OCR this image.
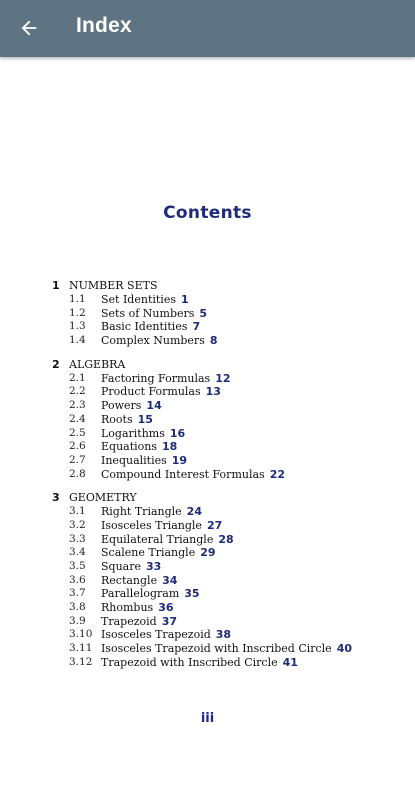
Index
Contents
1 NUMBER SETS
1.1 Set Identities 1
1.2 Sets of Numbers 5
1.3 Basic Identities 7
1.4 Complex Numbers 8
2 ALGEBRA
2.1 Factoring Formulas 12
2.2 Product Formulas 13
2.3 Powers 14
2.4 Roots 15
2.5 Logarithms 16
2.6 Equations 18
2.7 Inequalities 19
2.8 Compound Interest Formulas 22
3 GEOMETRY
3.1 Right Triangle 24
3.2 Isosceles Triangle 27
3.3 Equilateral Triangle 28
3.4 Scalene Triangle 29
3.5 Square 33
3.6 Rectangle 34
3.7 Parallelogram 35
3.8 Rhombus 36
3.9 Trapezoid 37
3.10 Isosceles Trapezoid 38
3.11 Isosceles Trapezoid with Inscribed Circle 40
3.12 Trapezoid with Inscribed Circle 41
iii
